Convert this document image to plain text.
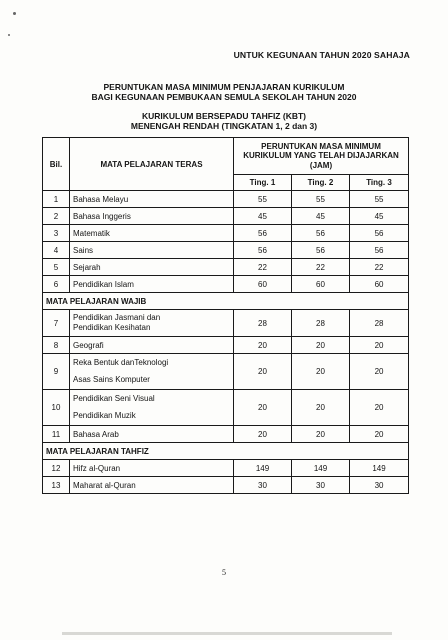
UNTUK KEGUNAAN TAHUN 2020 SAHAJA
PERUNTUKAN MASA MINIMUM PENJAJARAN KURIKULUM
BAGI KEGUNAAN PEMBUKAAN SEMULA SEKOLAH TAHUN 2020
KURIKULUM BERSEPADU TAHFIZ (KBT)
MENENGAH RENDAH (TINGKATAN 1, 2 dan 3)
Bil.	MATA PELAJARAN TERAS	PERUNTUKAN MASA MINIMUM KURIKULUM YANG TELAH DIJAJARKAN (JAM)		
		Ting. 1	Ting. 2	Ting. 3
1	Bahasa Melayu	55	55	55
2	Bahasa Inggeris	45	45	45
3	Matematik	56	56	56
4	Sains	56	56	56
5	Sejarah	22	22	22
6	Pendidikan Islam	60	60	60
MATA PELAJARAN WAJIB				
7	Pendidikan Jasmani dan
Pendidikan Kesihatan	28	28	28
8	Geografi	20	20	20
9	Reka Bentuk danTeknologi
Asas Sains Komputer	20	20	20
10	Pendidikan Seni Visual
Pendidikan Muzik	20	20	20
11	Bahasa Arab	20	20	20
MATA PELAJARAN TAHFIZ				
12	Hifz al-Quran	149	149	149
13	Maharat al-Quran	30	30	30
5
